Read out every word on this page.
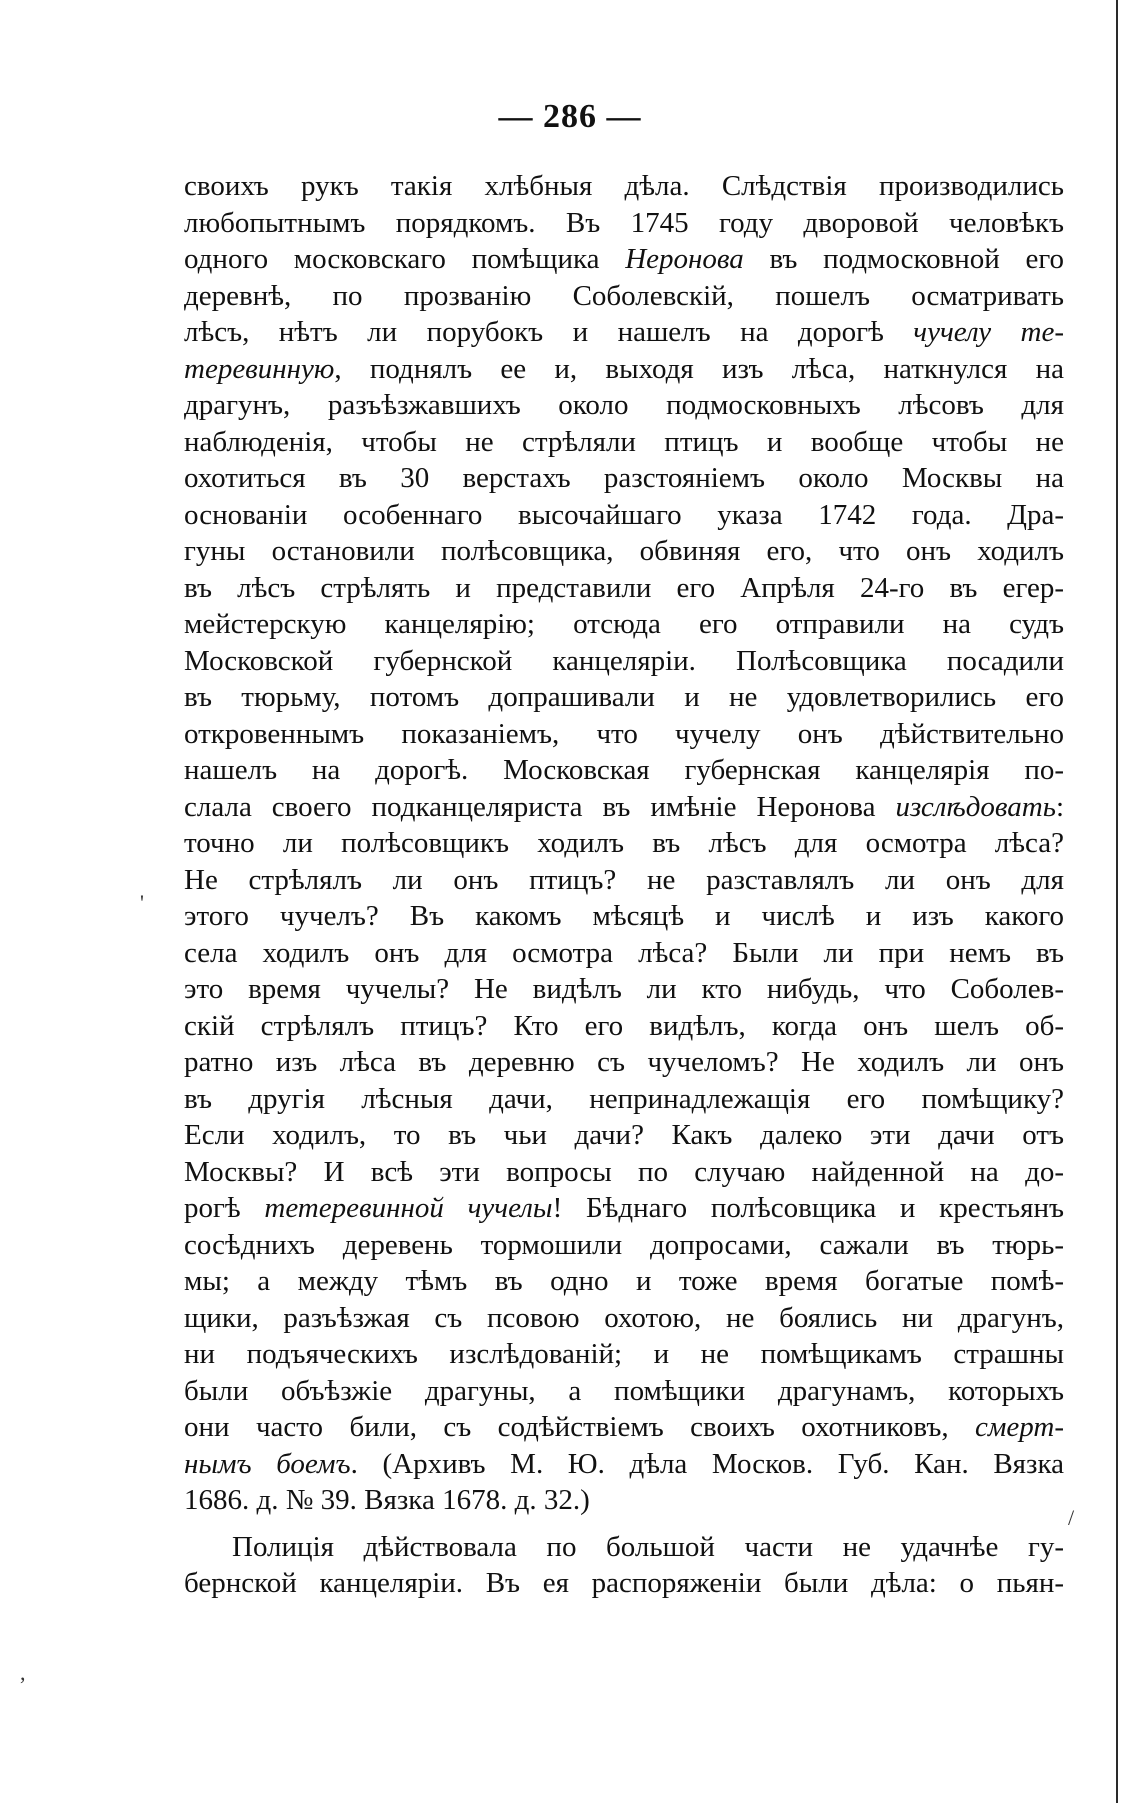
— 286 —
своихъ рукъ такія хлѣбныя дѣла. Слѣдствія производились
любопытнымъ порядкомъ. Въ 1745 году дворовой человѣкъ
одного московскаго помѣщика Неронова въ подмосковной его
деревнѣ, по прозванію Соболевскій, пошелъ осматривать
лѣсъ, нѣтъ ли порубокъ и нашелъ на дорогѣ чучелу те-
теревинную, поднялъ ее и, выходя изъ лѣса, наткнулся на
драгунъ, разъѣзжавшихъ около подмосковныхъ лѣсовъ для
наблюденія, чтобы не стрѣляли птицъ и вообще чтобы не
охотиться въ 30 верстахъ разстояніемъ около Москвы на
основаніи особеннаго высочайшаго указа 1742 года. Дра-
гуны остановили полѣсовщика, обвиняя его, что онъ ходилъ
въ лѣсъ стрѣлять и представили его Апрѣля 24-го въ егер-
мейстерскую канцелярію; отсюда его отправили на судъ
Московской губернской канцеляріи. Полѣсовщика посадили
въ тюрьму, потомъ допрашивали и не удовлетворились его
откровеннымъ показаніемъ, что чучелу онъ дѣйствительно
нашелъ на дорогѣ. Московская губернская канцелярія по-
слала своего подканцеляриста въ имѣніе Неронова изслѣдовать:
точно ли полѣсовщикъ ходилъ въ лѣсъ для осмотра лѣса?
Не стрѣлялъ ли онъ птицъ? не разставлялъ ли онъ для
этого чучелъ? Въ какомъ мѣсяцѣ и числѣ и изъ какого
села ходилъ онъ для осмотра лѣса? Были ли при немъ въ
это время чучелы? Не видѣлъ ли кто нибудь, что Соболев-
скій стрѣлялъ птицъ? Кто его видѣлъ, когда онъ шелъ об-
ратно изъ лѣса въ деревню съ чучеломъ? Не ходилъ ли онъ
въ другія лѣсныя дачи, непринадлежащія его помѣщику?
Если ходилъ, то въ чьи дачи? Какъ далеко эти дачи отъ
Москвы? И всѣ эти вопросы по случаю найденной на до-
рогѣ тетеревинной чучелы! Бѣднаго полѣсовщика и крестьянъ
сосѣднихъ деревень тормошили допросами, сажали въ тюрь-
мы; а между тѣмъ въ одно и тоже время богатые помѣ-
щики, разъѣзжая съ псовою охотою, не боялись ни драгунъ,
ни подъяческихъ изслѣдованій; и не помѣщикамъ страшны
были объѣзжіе драгуны, а помѣщики драгунамъ, которыхъ
они часто били, съ содѣйствіемъ своихъ охотниковъ, смерт-
нымъ боемъ. (Архивъ М. Ю. дѣла Москов. Губ. Кан. Вязка
1686. д. № 39. Вязка 1678. д. 32.)
Полиція дѣйствовала по большой части не удачнѣе гу-
бернской канцеляріи. Въ ея распоряженіи были дѣла: о пьян-
'
/
,
